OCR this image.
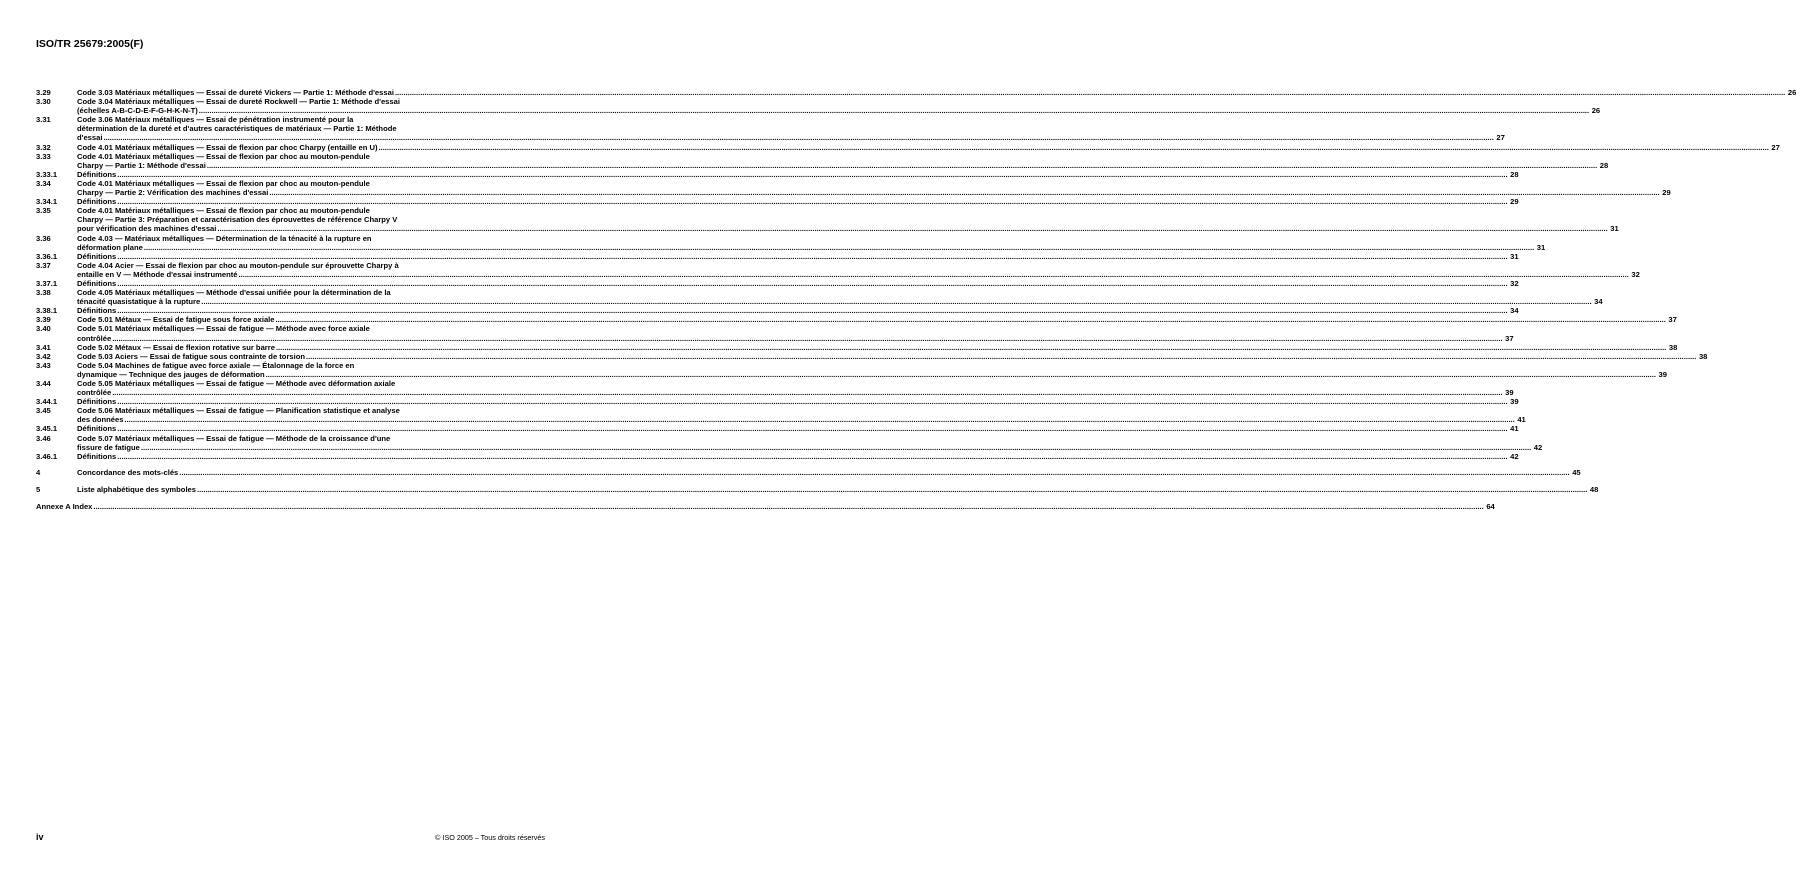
ISO/TR 25679:2005(F)
3.29	Code 3.03 Matériaux métalliques — Essai de dureté Vickers — Partie 1: Méthode d'essai .....	26
3.30	Code 3.04 Matériaux métalliques — Essai de dureté Rockwell — Partie 1: Méthode d'essai
(échelles A-B-C-D-E-F-G-H-K-N-T) .....	26
3.31	Code 3.06 Matériaux métalliques — Essai de pénétration instrumenté pour la
détermination de la dureté et d'autres caractéristiques de matériaux — Partie 1: Méthode
d'essai .....	27
3.32	Code 4.01 Matériaux métalliques — Essai de flexion par choc Charpy (entaille en U) .....	27
3.33	Code 4.01 Matériaux métalliques — Essai de flexion par choc au mouton-pendule
Charpy — Partie 1: Méthode d'essai .....	28
3.33.1	Définitions .....	28
3.34	Code 4.01 Matériaux métalliques — Essai de flexion par choc au mouton-pendule
Charpy — Partie 2: Vérification des machines d'essai .....	29
3.34.1	Définitions .....	29
3.35	Code 4.01 Matériaux métalliques — Essai de flexion par choc au mouton-pendule
Charpy — Partie 3: Préparation et caractérisation des éprouvettes de référence Charpy V
pour vérification des machines d'essai .....	31
3.36	Code 4.03 — Matériaux métalliques — Détermination de la ténacité à la rupture en
déformation plane .....	31
3.36.1	Définitions .....	31
3.37	Code 4.04 Acier — Essai de flexion par choc au mouton-pendule sur éprouvette Charpy à
entaille en V — Méthode d'essai instrumenté .....	32
3.37.1	Définitions .....	32
3.38	Code 4.05 Matériaux métalliques — Méthode d'essai unifiée pour la détermination de la
ténacité quasistatique à la rupture .....	34
3.38.1	Définitions .....	34
3.39	Code 5.01 Métaux — Essai de fatigue sous force axiale .....	37
3.40	Code 5.01 Matériaux métalliques — Essai de fatigue — Méthode avec force axiale
contrôlée .....	37
3.41	Code 5.02 Métaux — Essai de flexion rotative sur barre .....	38
3.42	Code 5.03 Aciers — Essai de fatigue sous contrainte de torsion .....	38
3.43	Code 5.04 Machines de fatigue avec force axiale — Étalonnage de la force en
dynamique — Technique des jauges de déformation .....	39
3.44	Code 5.05 Matériaux métalliques — Essai de fatigue — Méthode avec déformation axiale
contrôlée .....	39
3.44.1	Définitions .....	39
3.45	Code 5.06 Matériaux métalliques — Essai de fatigue — Planification statistique et analyse
des données .....	41
3.45.1	Définitions .....	41
3.46	Code 5.07 Matériaux métalliques — Essai de fatigue — Méthode de la croissance d'une
fissure de fatigue .....	42
3.46.1	Définitions .....	42
4	Concordance des mots-clés .....	45
5	Liste alphabétique des symboles .....	48
Annexe A Index .....	64
iv	© ISO 2005 – Tous droits réservés
